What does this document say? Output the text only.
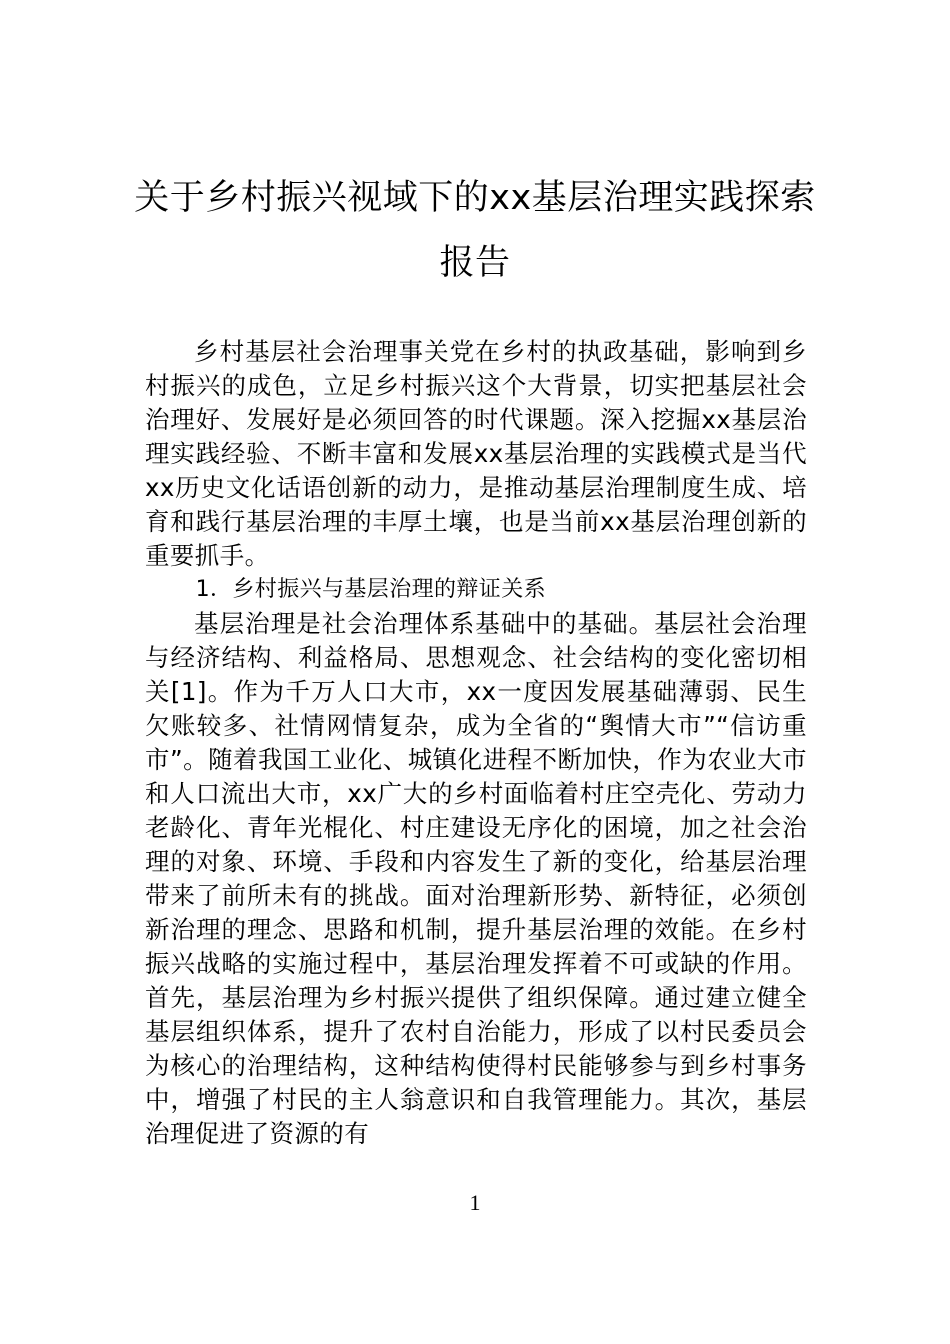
关于乡村振兴视域下的xx基层治理实践探索报告

乡村基层社会治理事关党在乡村的执政基础，影响到乡村振兴的成色，立足乡村振兴这个大背景，切实把基层社会治理好、发展好是必须回答的时代课题。深入挖掘xx基层治理实践经验、不断丰富和发展xx基层治理的实践模式是当代xx历史文化话语创新的动力，是推动基层治理制度生成、培育和践行基层治理的丰厚土壤，也是当前xx基层治理创新的重要抓手。

1．乡村振兴与基层治理的辩证关系

基层治理是社会治理体系基础中的基础。基层社会治理与经济结构、利益格局、思想观念、社会结构的变化密切相关[1]。作为千万人口大市，xx一度因发展基础薄弱、民生欠账较多、社情网情复杂，成为全省的“舆情大市”“信访重市”。随着我国工业化、城镇化进程不断加快，作为农业大市和人口流出大市，xx广大的乡村面临着村庄空壳化、劳动力老龄化、青年光棍化、村庄建设无序化的困境，加之社会治理的对象、环境、手段和内容发生了新的变化，给基层治理带来了前所未有的挑战。面对治理新形势、新特征，必须创新治理的理念、思路和机制，提升基层治理的效能。在乡村振兴战略的实施过程中，基层治理发挥着不可或缺的作用。首先，基层治理为乡村振兴提供了组织保障。通过建立健全基层组织体系，提升了农村自治能力，形成了以村民委员会为核心的治理结构，这种结构使得村民能够参与到乡村事务中，增强了村民的主人翁意识和自我管理能力。其次，基层治理促进了资源的有

1
